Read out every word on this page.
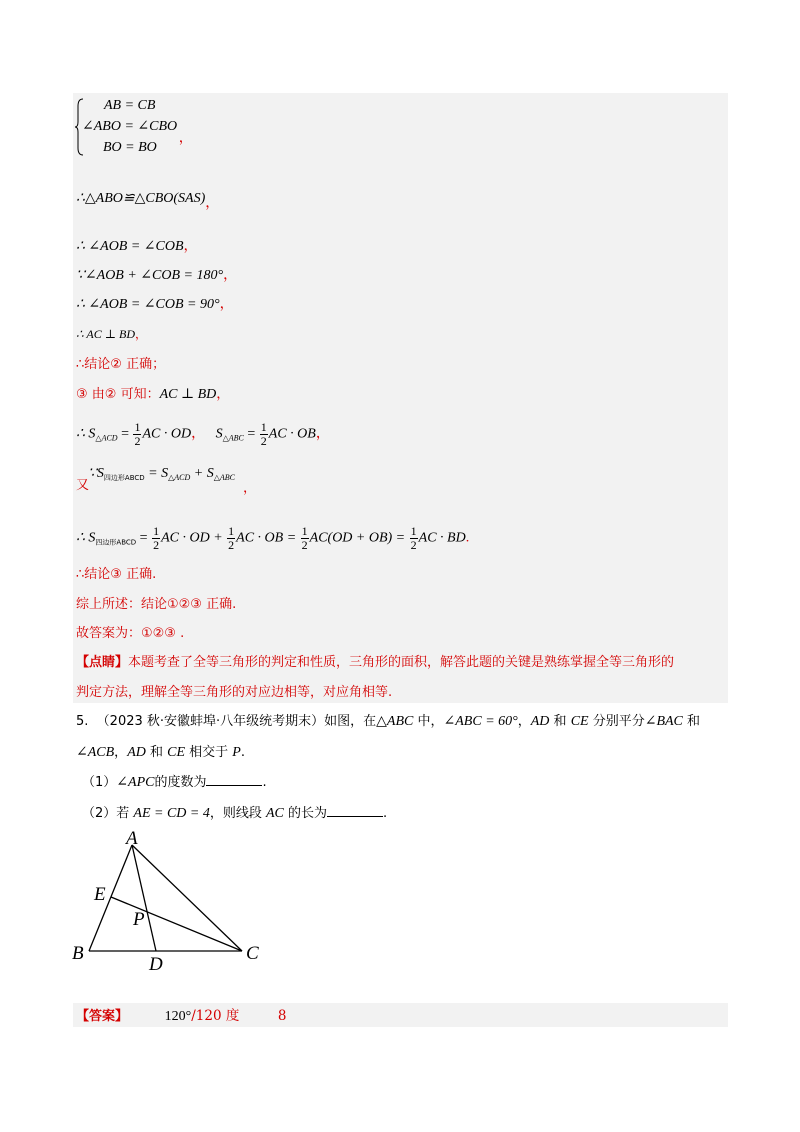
AB = CB
∠ABO = ∠CBO
BO = BO，
∴△ABO≌△CBO(SAS)，
∴ ∠AOB = ∠COB，
∵∠AOB + ∠COB = 180°，
∴ ∠AOB = ∠COB = 90°，
∴ AC ⊥ BD，
∴结论② 正确；
③ 由② 可知：AC ⊥ BD，
∴ $S_{\triangle ACD} = \frac{1}{2}$ AC · OD， $S_{\triangle ABC} = \frac{1}{2}$ AC · OB，
又
$\because S_{四边形ABCD} = S_{\triangle ACD} + S_{\triangle ABC}$
，
∴ $S_{四边形ABCD} = \frac{1}{2}$ AC · OD + $\frac{1}{2}$ AC · OB = $\frac{1}{2} AC(OD + OB) = \frac{1}{2}$ AC · BD.
∴结论③ 正确.
综上所述：结论①②③ 正确.
故答案为：①②③ .
【点睛】本题考查了全等三角形的判定和性质，三角形的面积，解答此题的关键是熟练掌握全等三角形的
判定方法，理解全等三角形的对应边相等，对应角相等.
5. （2023 秋·安徽蚌埠·八年级统考期末）如图，在△ABC 中，∠ABC = 60°，AD 和 CE 分别平分∠BAC 和
∠ACB，AD 和 CE 相交于 P.
（1）∠APC的度数为	.
（2）若 AE = CD = 4，则线段 AC 的长为	.
A
B	C
D
E
P
【答案】	120°/120 度	8
